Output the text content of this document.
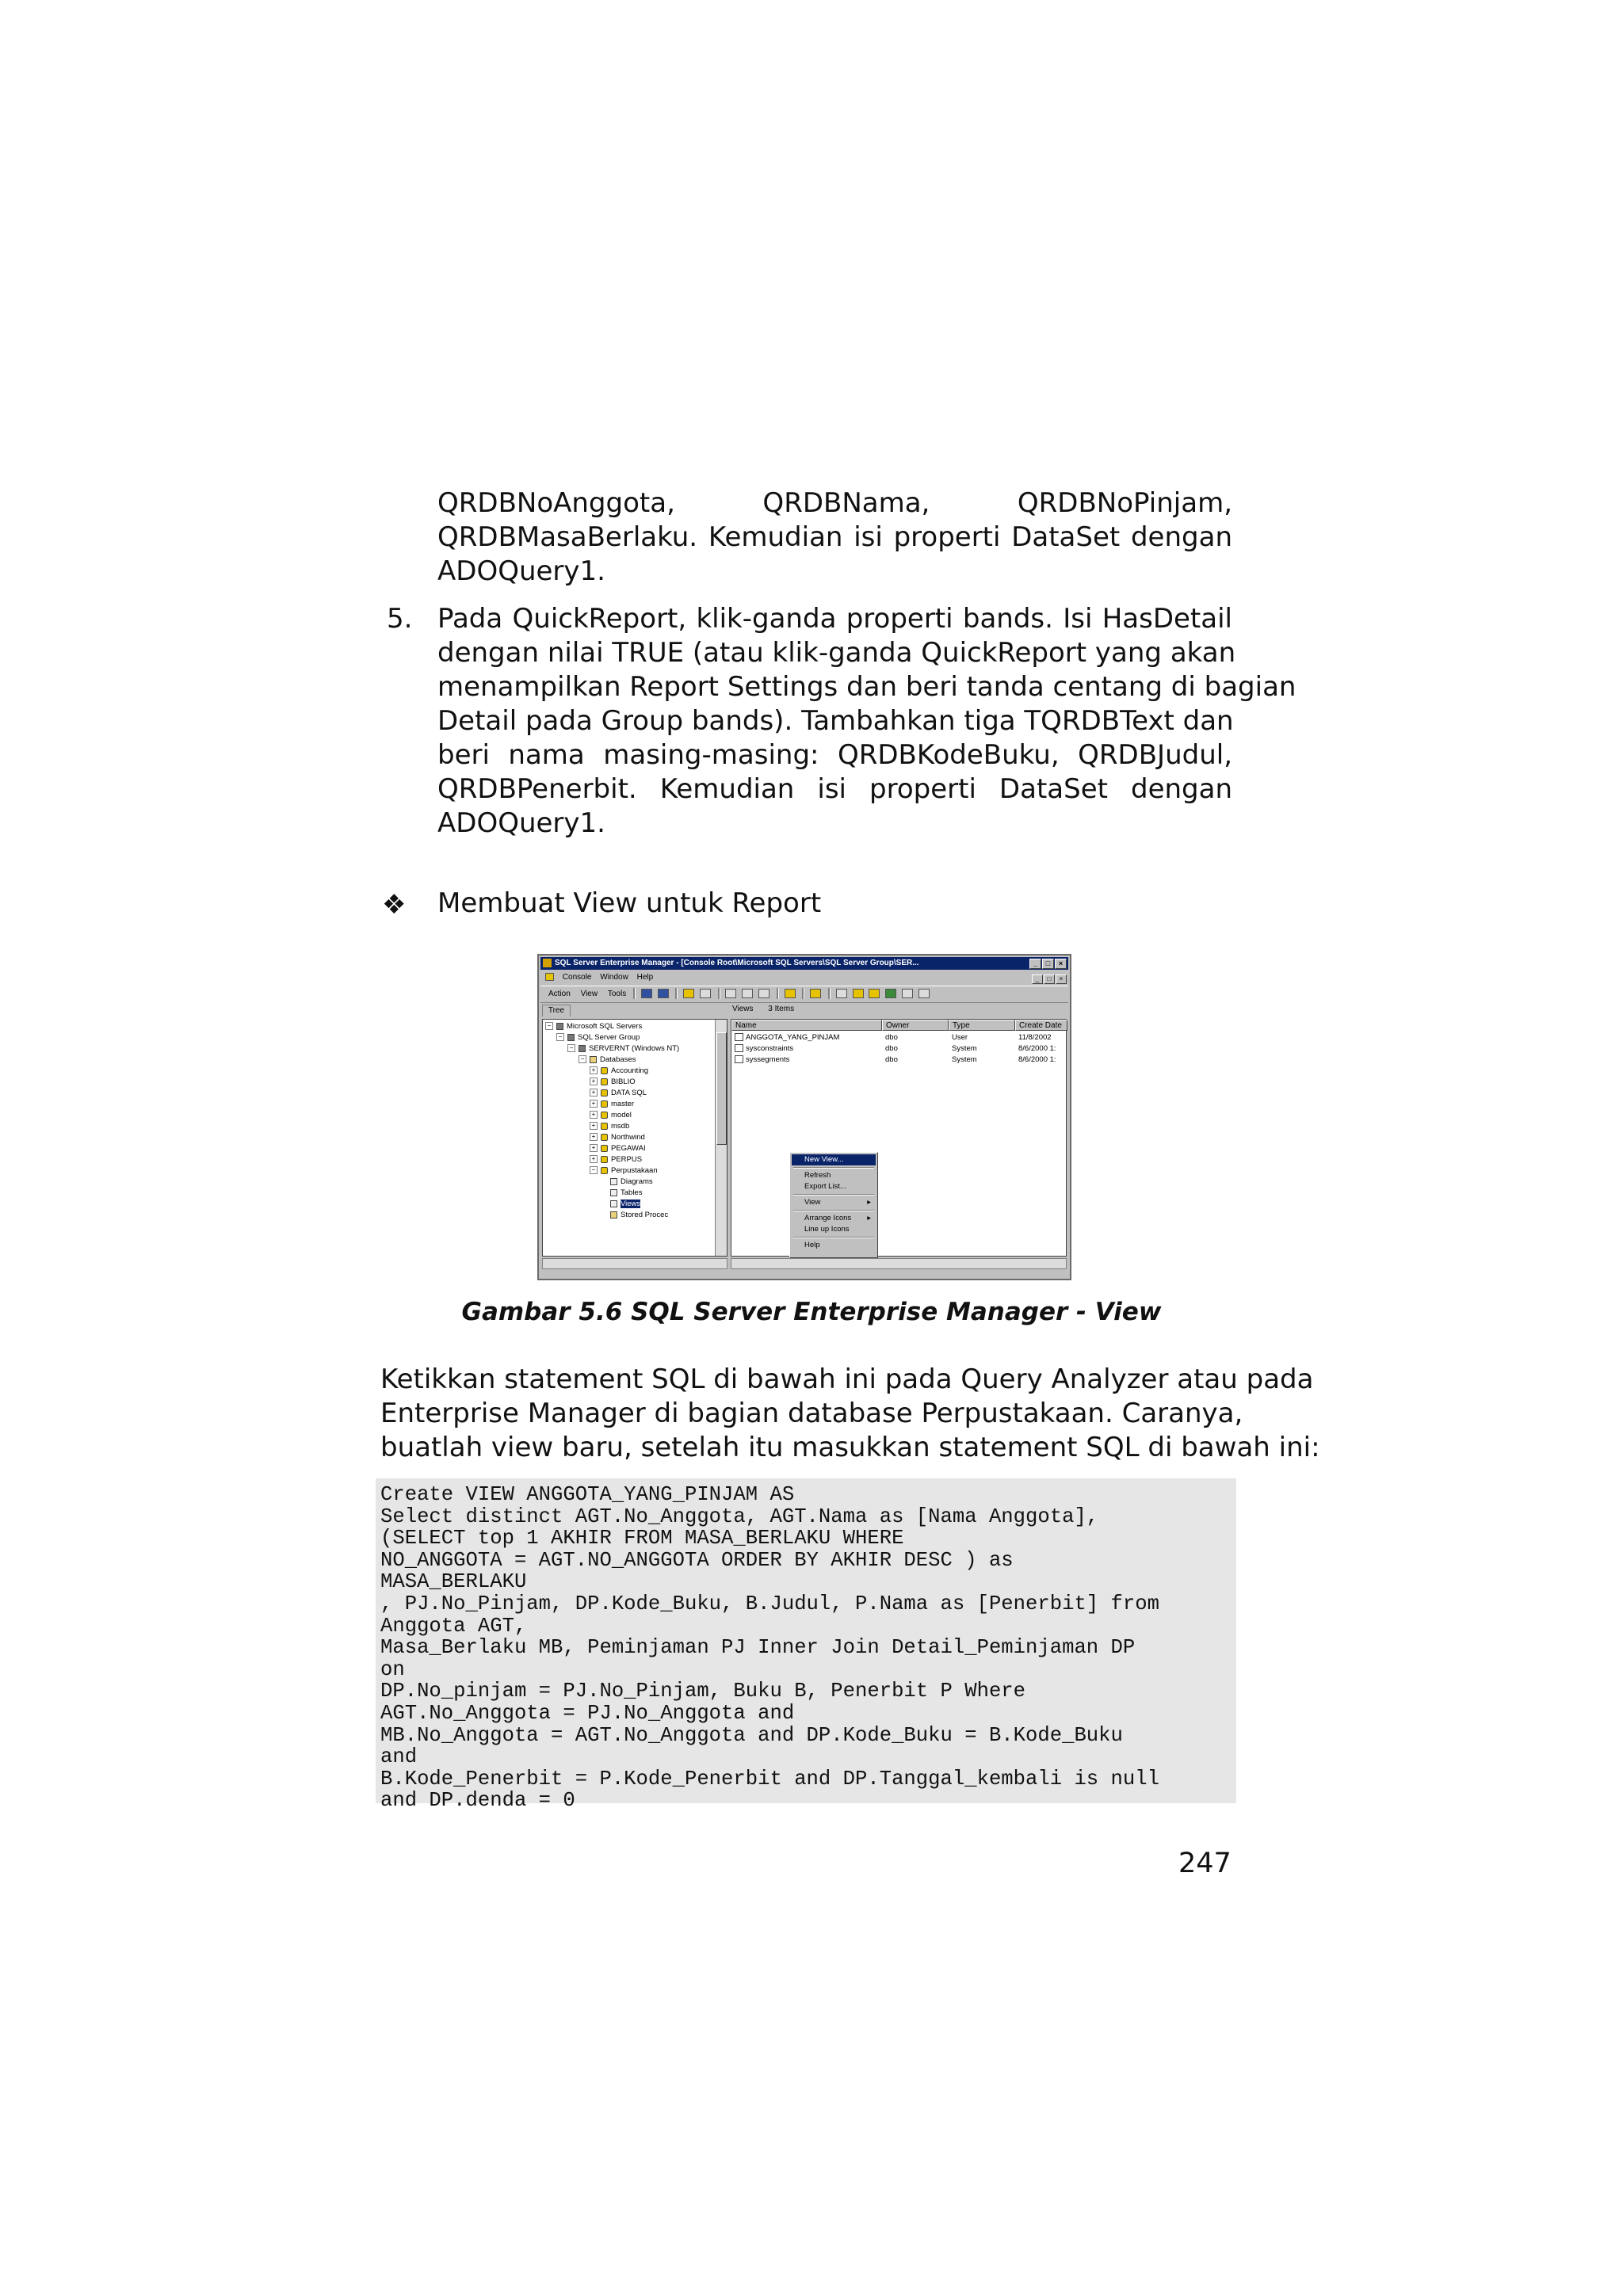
QRDBNoAnggota, QRDBNama, QRDBNoPinjam,
QRDBMasaBerlaku. Kemudian isi properti DataSet dengan
ADOQuery1.
5. Pada QuickReport, klik-ganda properti bands. Isi HasDetail
dengan nilai TRUE (atau klik-ganda QuickReport yang akan
menampilkan Report Settings dan beri tanda centang di bagian
Detail pada Group bands). Tambahkan tiga TQRDBText dan
beri nama masing-masing: QRDBKodeBuku, QRDBJudul,
QRDBPenerbit. Kemudian isi properti DataSet dengan
ADOQuery1.
❖ Membuat View untuk Report
SQL Server Enterprise Manager - [Console Root\Microsoft SQL Servers\SQL Server Group\SER...	_ □ ×
Console Window Help	_ □ ×
Action View Tools
Tree
− Microsoft SQL Servers
− SQL Server Group
− SERVERNT (Windows NT)
− Databases
+ Accounting
+ BIBLIO
+ DATA SQL
+ master
+ model
+ msdb
+ Northwind
+ PEGAWAI
+ PERPUS
− Perpustakaan
Diagrams
Tables
Views
Stored Procec
Views 3 Items
Name	Owner	Type	Create Date
ANGGOTA_YANG_PINJAM	dbo	User	11/8/2002
sysconstraints	dbo	System	8/6/2000 1:
syssegments	dbo	System	8/6/2000 1:
New View...
Refresh
Export List...
View	▸
Arrange Icons ▸
Line up Icons
Help
Gambar 5.6 SQL Server Enterprise Manager - View
Ketikkan statement SQL di bawah ini pada Query Analyzer atau pada
Enterprise Manager di bagian database Perpustakaan. Caranya,
buatlah view baru, setelah itu masukkan statement SQL di bawah ini:
Create VIEW ANGGOTA_YANG_PINJAM AS
Select distinct AGT.No_Anggota, AGT.Nama as [Nama Anggota],
(SELECT top 1 AKHIR FROM MASA_BERLAKU WHERE
NO_ANGGOTA = AGT.NO_ANGGOTA ORDER BY AKHIR DESC ) as
MASA_BERLAKU
, PJ.No_Pinjam, DP.Kode_Buku, B.Judul, P.Nama as [Penerbit] from
Anggota AGT,
Masa_Berlaku MB, Peminjaman PJ Inner Join Detail_Peminjaman DP
on
DP.No_pinjam = PJ.No_Pinjam, Buku B, Penerbit P Where
AGT.No_Anggota = PJ.No_Anggota and
MB.No_Anggota = AGT.No_Anggota and DP.Kode_Buku = B.Kode_Buku
and
B.Kode_Penerbit = P.Kode_Penerbit and DP.Tanggal_kembali is null
and DP.denda = 0
247
